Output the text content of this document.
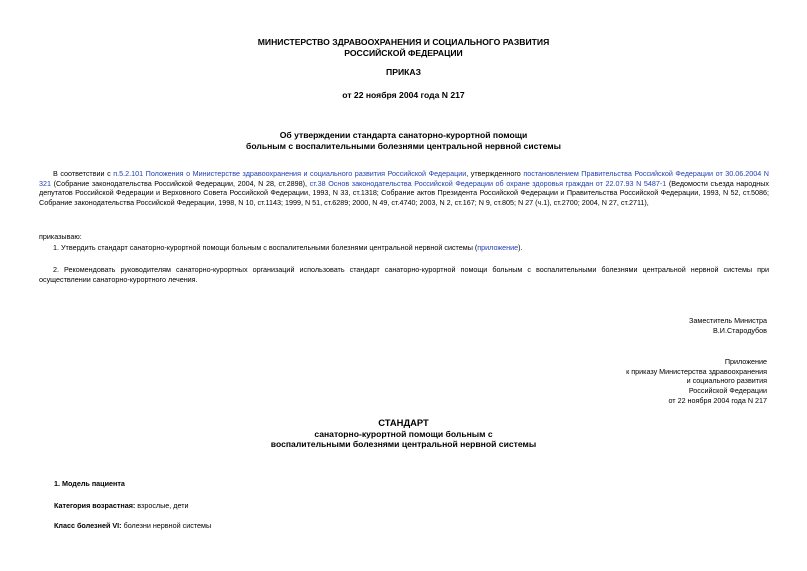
МИНИСТЕРСТВО ЗДРАВООХРАНЕНИЯ И СОЦИАЛЬНОГО РАЗВИТИЯ
РОССИЙСКОЙ ФЕДЕРАЦИИ
ПРИКАЗ
от 22 ноября 2004 года N 217
Об утверждении стандарта санаторно-курортной помощи
больным с воспалительными болезнями центральной нервной системы
В соответствии с п.5.2.101 Положения о Министерстве здравоохранения и социального развития Российской Федерации, утвержденного постановлением Правительства Российской Федерации от 30.06.2004 N 321 (Собрание законодательства Российской Федерации, 2004, N 28, ст.2898), ст.38 Основ законодательства Российской Федерации об охране здоровья граждан от 22.07.93 N 5487-1 (Ведомости съезда народных депутатов Российской Федерации и Верховного Совета Российской Федерации, 1993, N 33, ст.1318; Собрание актов Президента Российской Федерации и Правительства Российской Федерации, 1993, N 52, ст.5086; Собрание законодательства Российской Федерации, 1998, N 10, ст.1143; 1999, N 51, ст.6289; 2000, N 49, ст.4740; 2003, N 2, ст.167; N 9, ст.805; N 27 (ч.1), ст.2700; 2004, N 27, ст.2711),
приказываю:
1. Утвердить стандарт санаторно-курортной помощи больным с воспалительными болезнями центральной нервной системы (приложение).
2. Рекомендовать руководителям санаторно-курортных организаций использовать стандарт санаторно-курортной помощи больным с воспалительными болезнями центральной нервной системы при осуществлении санаторно-курортного лечения.
Заместитель Министра
В.И.Стародубов
Приложение
к приказу Министерства здравоохранения
и социального развития
Российской Федерации
от 22 ноября 2004 года N 217
СТАНДАРТ
санаторно-курортной помощи больным с
воспалительными болезнями центральной нервной системы
1. Модель пациента
Категория возрастная: взрослые, дети
Класс болезней VI: болезни нервной системы
